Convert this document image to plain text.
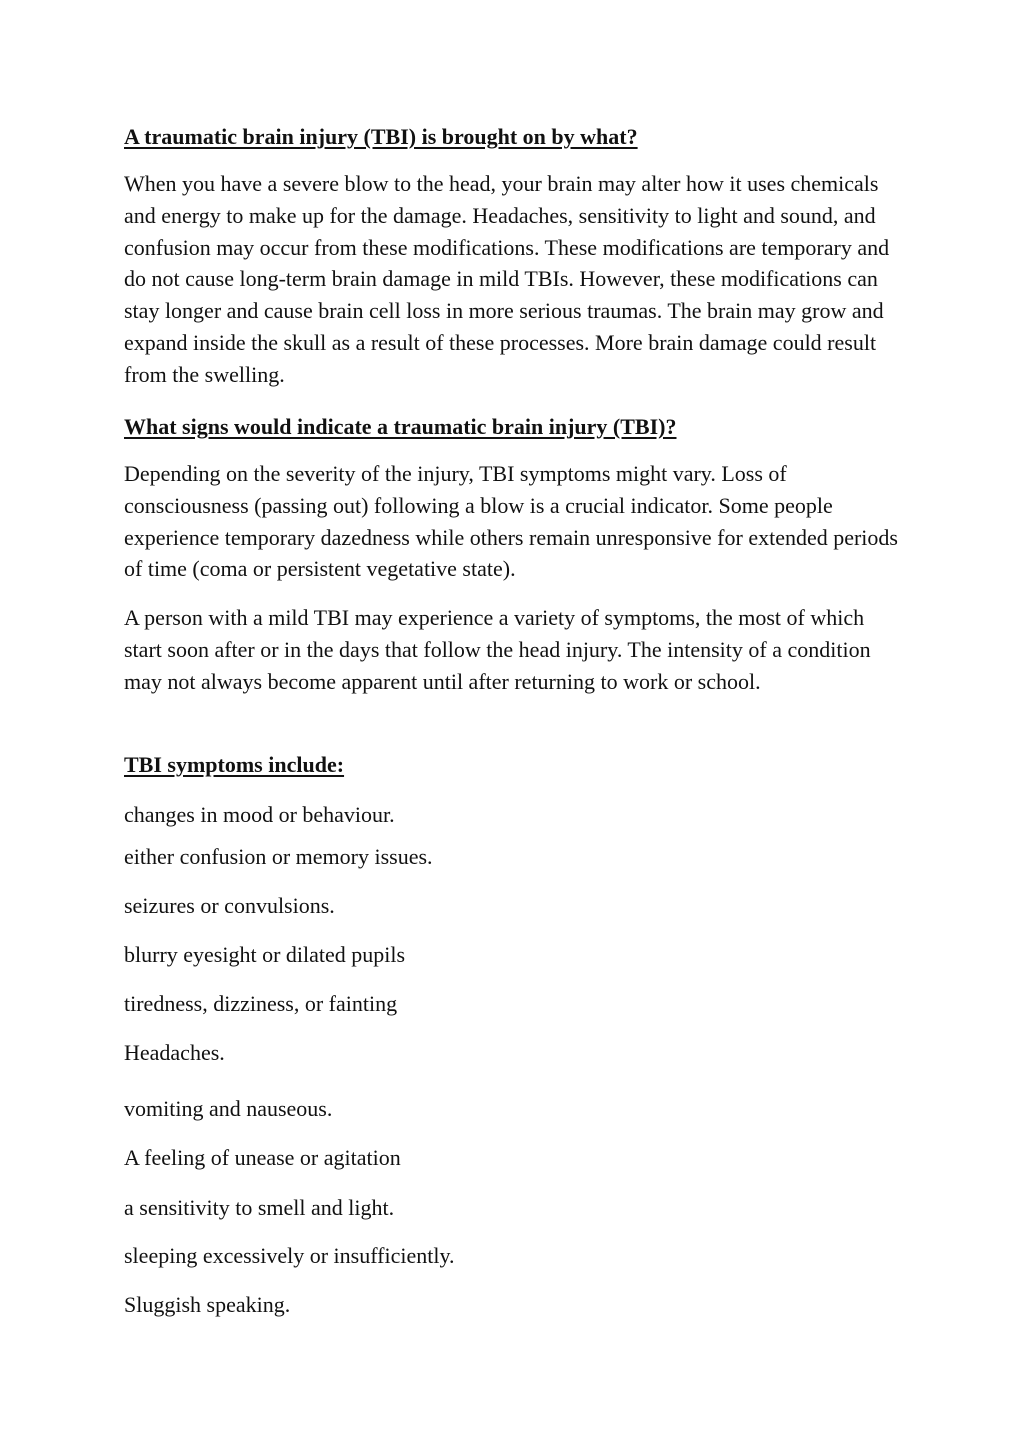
A traumatic brain injury (TBI) is brought on by what?

When you have a severe blow to the head, your brain may alter how it uses chemicals and energy to make up for the damage. Headaches, sensitivity to light and sound, and confusion may occur from these modifications. These modifications are temporary and do not cause long-term brain damage in mild TBIs. However, these modifications can stay longer and cause brain cell loss in more serious traumas. The brain may grow and expand inside the skull as a result of these processes. More brain damage could result from the swelling.

What signs would indicate a traumatic brain injury (TBI)?

Depending on the severity of the injury, TBI symptoms might vary. Loss of consciousness (passing out) following a blow is a crucial indicator. Some people experience temporary dazedness while others remain unresponsive for extended periods of time (coma or persistent vegetative state).

A person with a mild TBI may experience a variety of symptoms, the most of which start soon after or in the days that follow the head injury. The intensity of a condition may not always become apparent until after returning to work or school.

TBI symptoms include:

changes in mood or behaviour.

either confusion or memory issues.

seizures or convulsions.

blurry eyesight or dilated pupils

tiredness, dizziness, or fainting

Headaches.

vomiting and nauseous.

A feeling of unease or agitation

a sensitivity to smell and light.

sleeping excessively or insufficiently.

Sluggish speaking.
